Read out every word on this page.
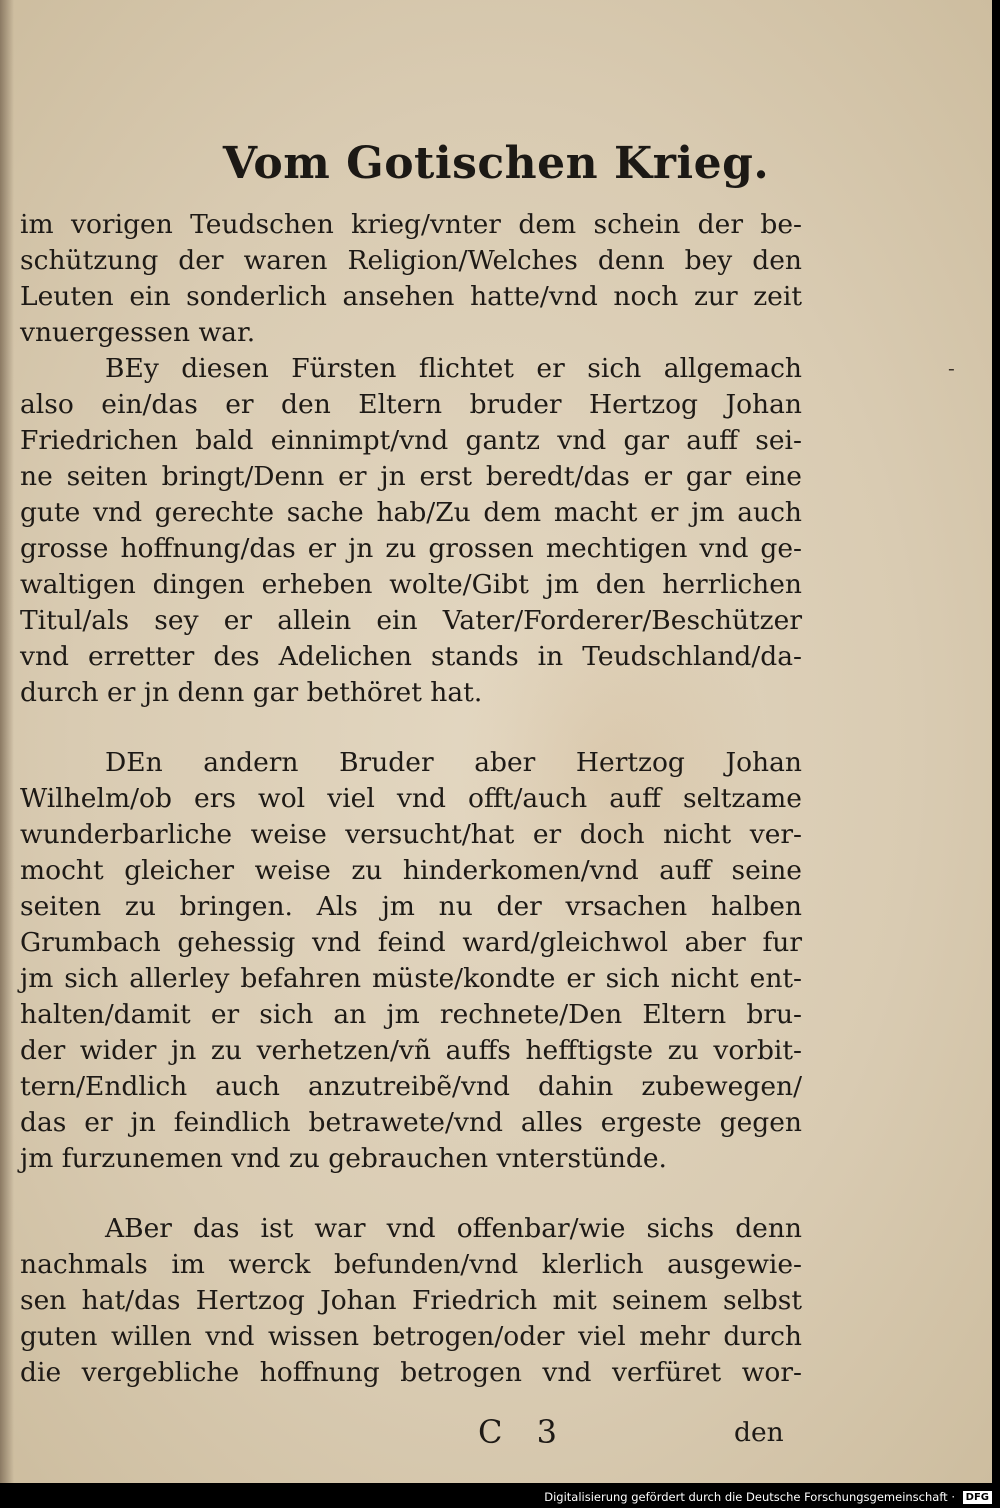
Vom Gotischen Krieg.
-
im vorigen Teudschen krieg/vnter dem schein der be-
schützung der waren Religion/Welches denn bey den
Leuten ein sonderlich ansehen hatte/vnd noch zur zeit
vnuergessen war.
BEy diesen Fürsten flichtet er sich allgemach
also ein/das er den Eltern bruder Hertzog Johan
Friedrichen bald einnimpt/vnd gantz vnd gar auff sei-
ne seiten bringt/Denn er jn erst beredt/das er gar eine
gute vnd gerechte sache hab/Zu dem macht er jm auch
grosse hoffnung/das er jn zu grossen mechtigen vnd ge-
waltigen dingen erheben wolte/Gibt jm den herrlichen
Titul/als sey er allein ein Vater/Forderer/Beschützer
vnd erretter des Adelichen stands in Teudschland/da-
durch er jn denn gar bethöret hat.
DEn andern Bruder aber Hertzog Johan
Wilhelm/ob ers wol viel vnd offt/auch auff seltzame
wunderbarliche weise versucht/hat er doch nicht ver-
mocht gleicher weise zu hinderkomen/vnd auff seine
seiten zu bringen. Als jm nu der vrsachen halben
Grumbach gehessig vnd feind ward/gleichwol aber fur
jm sich allerley befahren müste/kondte er sich nicht ent-
halten/damit er sich an jm rechnete/Den Eltern bru-
der wider jn zu verhetzen/vñ auffs hefftigste zu vorbit-
tern/Endlich auch anzutreibẽ/vnd dahin zubewegen/
das er jn feindlich betrawete/vnd alles ergeste gegen
jm furzunemen vnd zu gebrauchen vnterstünde.
ABer das ist war vnd offenbar/wie sichs denn
nachmals im werck befunden/vnd klerlich ausgewie-
sen hat/das Hertzog Johan Friedrich mit seinem selbst
guten willen vnd wissen betrogen/oder viel mehr durch
die vergebliche hoffnung betrogen vnd verfüret wor-
C 3	den
Digitalisierung gefördert durch die Deutsche Forschungsgemeinschaft · DFG
